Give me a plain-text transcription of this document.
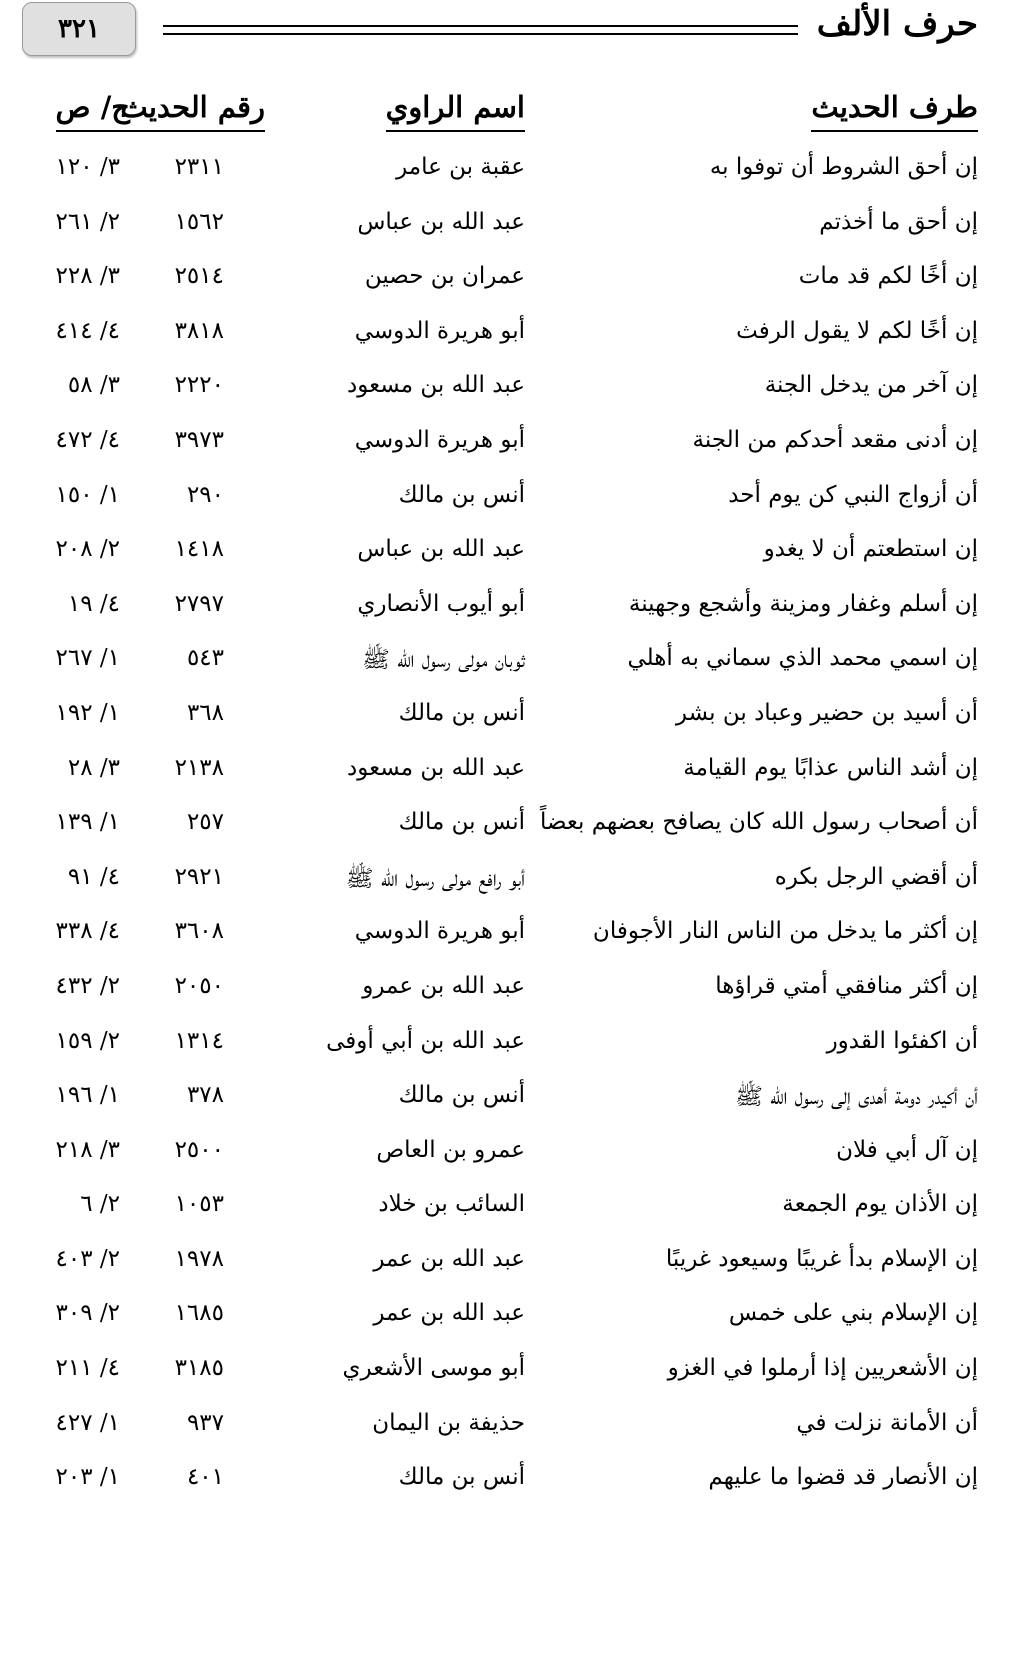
حرف الألف
٣٢١
طرف الحديث
اسم الراوي
رقم الحديث
ج/ ص
إن أحق الشروط أن توفوا به
عقبة بن عامر
٢٣١١
٣/ ١٢٠
إن أحق ما أخذتم
عبد الله بن عباس
١٥٦٢
٢/ ٢٦١
إن أخًا لكم قد مات
عمران بن حصين
٢٥١٤
٣/ ٢٢٨
إن أخًا لكم لا يقول الرفث
أبو هريرة الدوسي
٣٨١٨
٤/ ٤١٤
إن آخر من يدخل الجنة
عبد الله بن مسعود
٢٢٢٠
٣/ ٥٨
إن أدنى مقعد أحدكم من الجنة
أبو هريرة الدوسي
٣٩٧٣
٤/ ٤٧٢
أن أزواج النبي كن يوم أحد
أنس بن مالك
٢٩٠
١/ ١٥٠
إن استطعتم أن لا يغدو
عبد الله بن عباس
١٤١٨
٢/ ٢٠٨
إن أسلم وغفار ومزينة وأشجع وجهينة
أبو أيوب الأنصاري
٢٧٩٧
٤/ ١٩
إن اسمي محمد الذي سماني به أهلي
ثوبان مولى رسول الله ﷺ
٥٤٣
١/ ٢٦٧
أن أسيد بن حضير وعباد بن بشر
أنس بن مالك
٣٦٨
١/ ١٩٢
إن أشد الناس عذابًا يوم القيامة
عبد الله بن مسعود
٢١٣٨
٣/ ٢٨
أن أصحاب رسول الله كان يصافح بعضهم بعضاً
أنس بن مالك
٢٥٧
١/ ١٣٩
أن أقضي الرجل بكره
أبو رافع مولى رسول الله ﷺ
٢٩٢١
٤/ ٩١
إن أكثر ما يدخل من الناس النار الأجوفان
أبو هريرة الدوسي
٣٦٠٨
٤/ ٣٣٨
إن أكثر منافقي أمتي قراؤها
عبد الله بن عمرو
٢٠٥٠
٢/ ٤٣٢
أن اكفئوا القدور
عبد الله بن أبي أوفى
١٣١٤
٢/ ١٥٩
أن أكيدر دومة أهدى إلى رسول الله ﷺ
أنس بن مالك
٣٧٨
١/ ١٩٦
إن آل أبي فلان
عمرو بن العاص
٢٥٠٠
٣/ ٢١٨
إن الأذان يوم الجمعة
السائب بن خلاد
١٠٥٣
٢/ ٦
إن الإسلام بدأ غريبًا وسيعود غريبًا
عبد الله بن عمر
١٩٧٨
٢/ ٤٠٣
إن الإسلام بني على خمس
عبد الله بن عمر
١٦٨٥
٢/ ٣٠٩
إن الأشعريين إذا أرملوا في الغزو
أبو موسى الأشعري
٣١٨٥
٤/ ٢١١
أن الأمانة نزلت في
حذيفة بن اليمان
٩٣٧
١/ ٤٢٧
إن الأنصار قد قضوا ما عليهم
أنس بن مالك
٤٠١
١/ ٢٠٣
